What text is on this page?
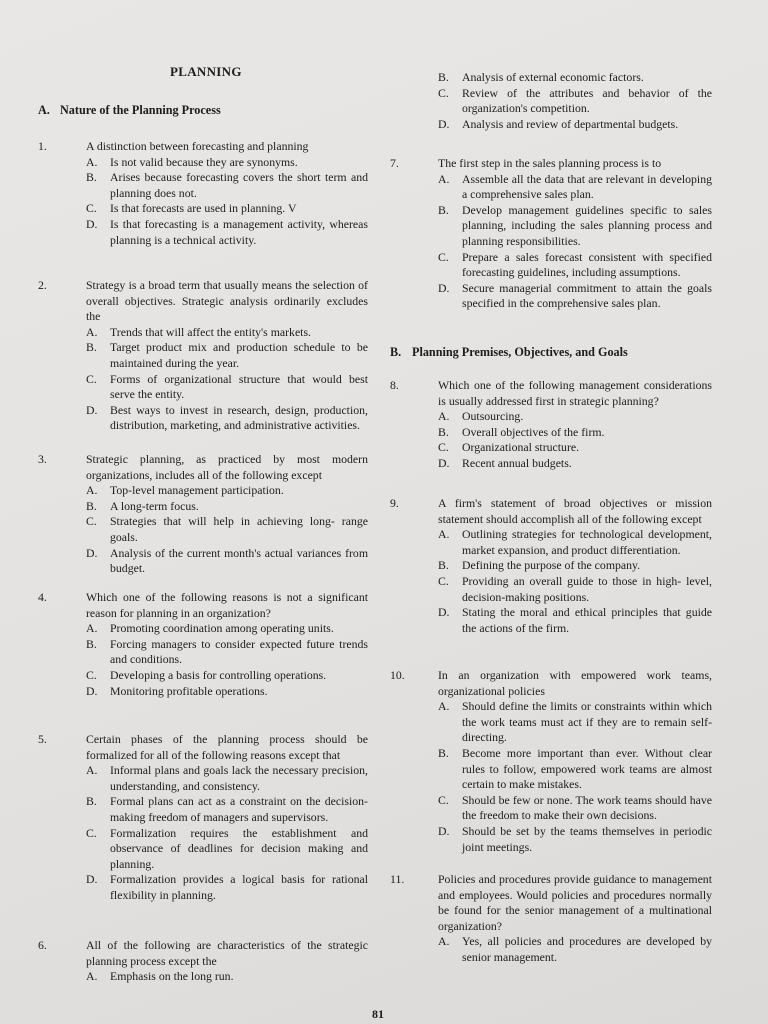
PLANNING
A. Nature of the Planning Process
1.	A distinction between forecasting and planning
A. Is not valid because they are synonyms.
B. Arises because forecasting covers the short term and planning does not.
C. Is that forecasts are used in planning. V
D. Is that forecasting is a management activity, whereas planning is a technical activity.
2.	Strategy is a broad term that usually means the selection of overall objectives. Strategic analysis ordinarily excludes the
A. Trends that will affect the entity's markets.
B. Target product mix and production schedule to be maintained during the year.
C. Forms of organizational structure that would best serve the entity.
D. Best ways to invest in research, design, production, distribution, marketing, and administrative activities.
3.	Strategic planning, as practiced by most modern organizations, includes all of the following except
A. Top-level management participation.
B. A long-term focus.
C. Strategies that will help in achieving long- range goals.
D. Analysis of the current month's actual variances from budget.
4.	Which one of the following reasons is not a significant reason for planning in an organization?
A. Promoting coordination among operating units.
B. Forcing managers to consider expected future trends and conditions.
C. Developing a basis for controlling operations.
D. Monitoring profitable operations.
5.	Certain phases of the planning process should be formalized for all of the following reasons except that
A. Informal plans and goals lack the necessary precision, understanding, and consistency.
B. Formal plans can act as a constraint on the decision-making freedom of managers and supervisors.
C. Formalization requires the establishment and observance of deadlines for decision making and planning.
D. Formalization provides a logical basis for rational flexibility in planning.
6.	All of the following are characteristics of the strategic planning process except the
A. Emphasis on the long run.
B. Analysis of external economic factors.
C. Review of the attributes and behavior of the organization's competition.
D. Analysis and review of departmental budgets.
7.	The first step in the sales planning process is to
A. Assemble all the data that are relevant in developing a comprehensive sales plan.
B. Develop management guidelines specific to sales planning, including the sales planning process and planning responsibilities.
C. Prepare a sales forecast consistent with specified forecasting guidelines, including assumptions.
D. Secure managerial commitment to attain the goals specified in the comprehensive sales plan.
B. Planning Premises, Objectives, and Goals
8.	Which one of the following management considerations is usually addressed first in strategic planning?
A. Outsourcing.
B. Overall objectives of the firm.
C. Organizational structure.
D. Recent annual budgets.
9.	A firm's statement of broad objectives or mission statement should accomplish all of the following except
A. Outlining strategies for technological development, market expansion, and product differentiation.
B. Defining the purpose of the company.
C. Providing an overall guide to those in high- level, decision-making positions.
D. Stating the moral and ethical principles that guide the actions of the firm.
10.	In an organization with empowered work teams, organizational policies
A. Should define the limits or constraints within which the work teams must act if they are to remain self-directing.
B. Become more important than ever. Without clear rules to follow, empowered work teams are almost certain to make mistakes.
C. Should be few or none. The work teams should have the freedom to make their own decisions.
D. Should be set by the teams themselves in periodic joint meetings.
11.	Policies and procedures provide guidance to management and employees. Would policies and procedures normally be found for the senior management of a multinational organization?
A. Yes, all policies and procedures are developed by senior management.
81
